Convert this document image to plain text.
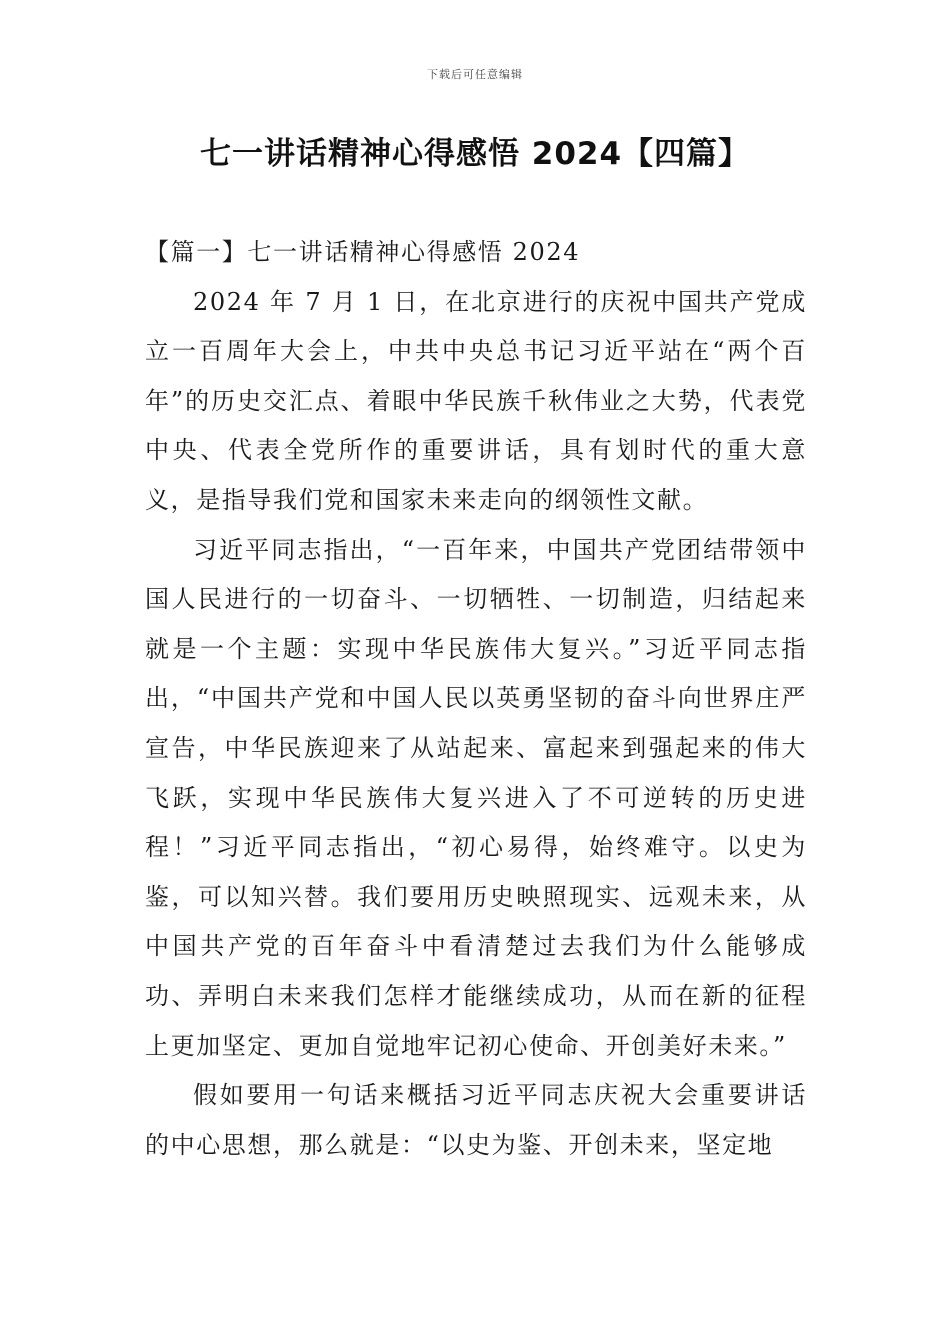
下载后可任意编辑
七一讲话精神心得感悟 2024【四篇】

【篇一】七一讲话精神心得感悟 2024

2024 年 7 月 1 日，在北京进行的庆祝中国共产党成立一百周年大会上，中共中央总书记习近平站在“两个百年”的历史交汇点、着眼中华民族千秋伟业之大势，代表党中央、代表全党所作的重要讲话，具有划时代的重大意义，是指导我们党和国家未来走向的纲领性文献。

习近平同志指出，“一百年来，中国共产党团结带领中国人民进行的一切奋斗、一切牺牲、一切制造，归结起来就是一个主题：实现中华民族伟大复兴。”习近平同志指出，“中国共产党和中国人民以英勇坚韧的奋斗向世界庄严宣告，中华民族迎来了从站起来、富起来到强起来的伟大飞跃，实现中华民族伟大复兴进入了不可逆转的历史进程！”习近平同志指出，“初心易得，始终难守。以史为鉴，可以知兴替。我们要用历史映照现实、远观未来，从中国共产党的百年奋斗中看清楚过去我们为什么能够成功、弄明白未来我们怎样才能继续成功，从而在新的征程上更加坚定、更加自觉地牢记初心使命、开创美好未来。”

假如要用一句话来概括习近平同志庆祝大会重要讲话的中心思想，那么就是：“以史为鉴、开创未来，坚定地
